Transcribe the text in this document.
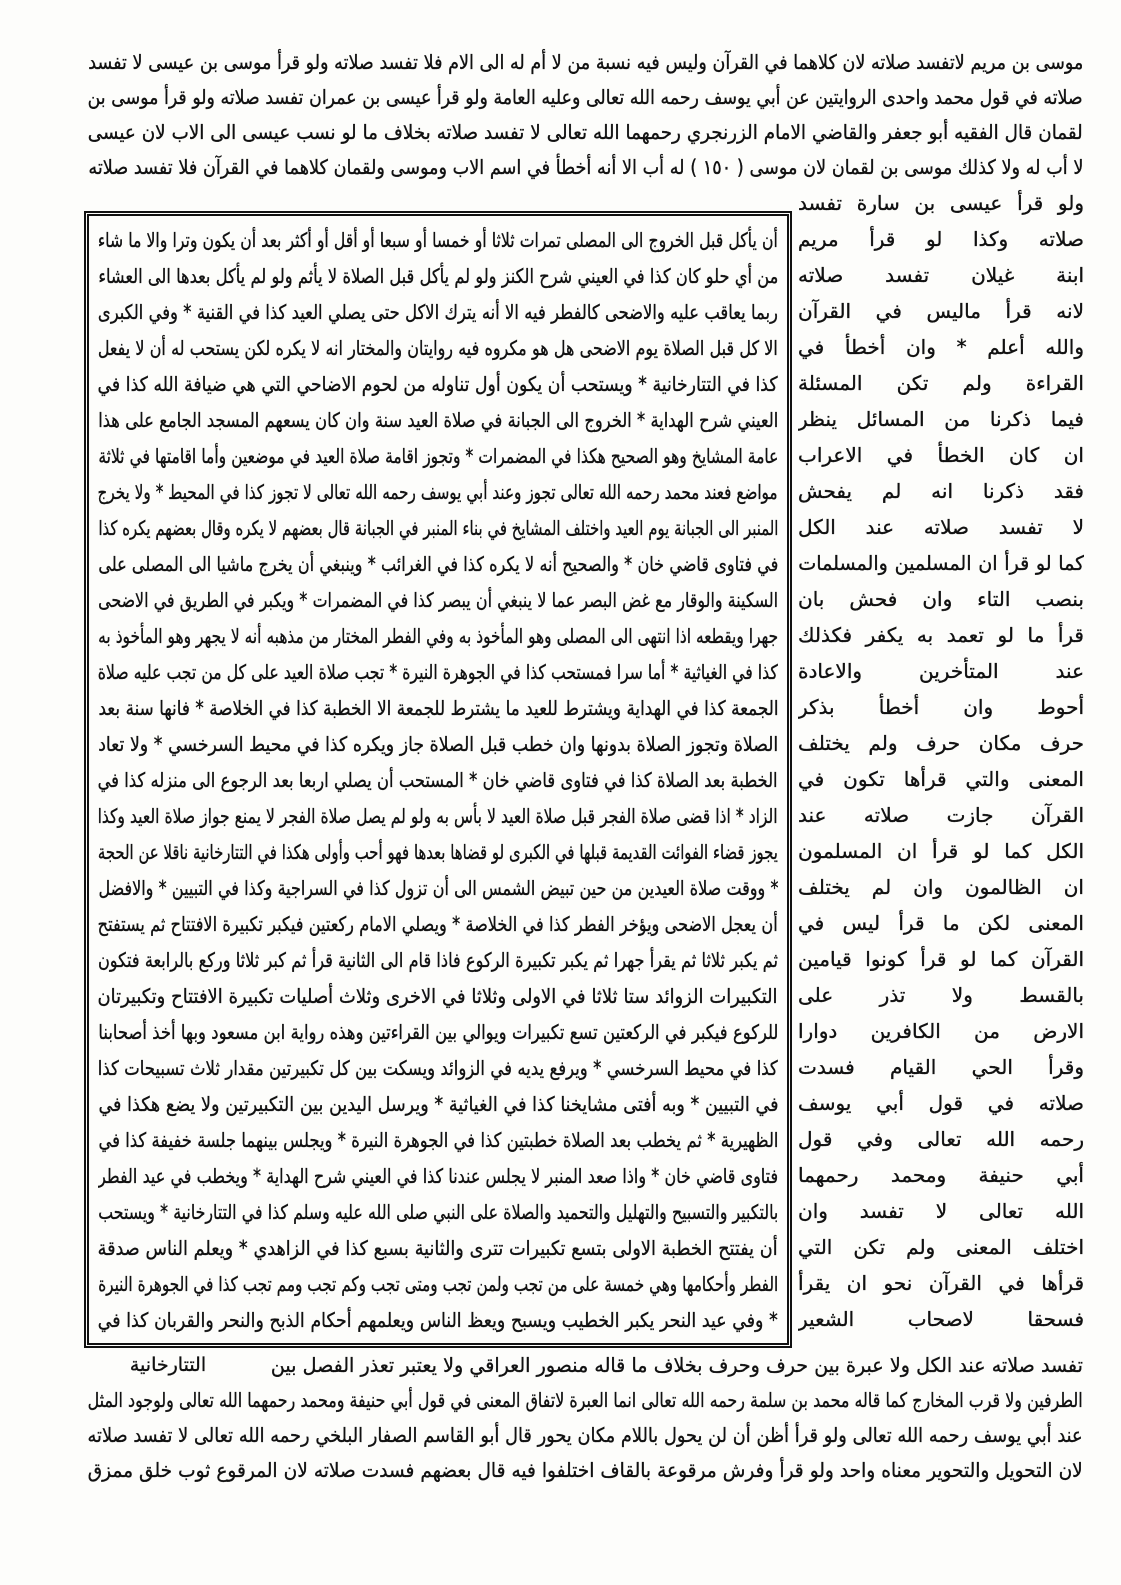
موسى بن مريم لاتفسد صلاته لان كلاهما في القرآن وليس فيه نسبة من لا أم له الى الام فلا تفسد صلاته ولو قرأ موسى بن عيسى لا تفسد
صلاته في قول محمد واحدى الروايتين عن أبي يوسف رحمه الله تعالى وعليه العامة ولو قرأ عيسى بن عمران تفسد صلاته ولو قرأ موسى بن
لقمان قال الفقيه أبو جعفر والقاضي الامام الزرنجري رحمهما الله تعالى لا تفسد صلاته بخلاف ما لو نسب عيسى الى الاب لان عيسى
لا أب له ولا كذلك موسى بن لقمان لان موسى ( ١٥٠ ) له أب الا أنه أخطأ في اسم الاب وموسى ولقمان كلاهما في القرآن فلا تفسد صلاته
أن يأكل قبل الخروج الى المصلى تمرات ثلاثا أو خمسا أو سبعا أو أقل أو أكثر بعد أن يكون وترا والا ما شاء
من أي حلو كان كذا في العيني شرح الكنز ولو لم يأكل قبل الصلاة لا يأثم ولو لم يأكل بعدها الى العشاء
ربما يعاقب عليه والاضحى كالفطر فيه الا أنه يترك الاكل حتى يصلي العيد كذا في القنية * وفي الكبرى
الا كل قبل الصلاة يوم الاضحى هل هو مكروه فيه روايتان والمختار انه لا يكره لكن يستحب له أن لا يفعل
كذا في التتارخانية * ويستحب أن يكون أول تناوله من لحوم الاضاحي التي هي ضيافة الله كذا في
العيني شرح الهداية * الخروج الى الجبانة في صلاة العيد سنة وان كان يسعهم المسجد الجامع على هذا
عامة المشايخ وهو الصحيح هكذا في المضمرات * وتجوز اقامة صلاة العيد في موضعين وأما اقامتها في ثلاثة
مواضع فعند محمد رحمه الله تعالى تجوز وعند أبي يوسف رحمه الله تعالى لا تجوز كذا في المحيط * ولا يخرج
المنبر الى الجبانة يوم العيد واختلف المشايخ في بناء المنبر في الجبانة قال بعضهم لا يكره وقال بعضهم يكره كذا
في فتاوى قاضي خان * والصحيح أنه لا يكره كذا في الغرائب * وينبغي أن يخرج ماشيا الى المصلى على
السكينة والوقار مع غض البصر عما لا ينبغي أن يبصر كذا في المضمرات * ويكبر في الطريق في الاضحى
جهرا ويقطعه اذا انتهى الى المصلى وهو المأخوذ به وفي الفطر المختار من مذهبه أنه لا يجهر وهو المأخوذ به
كذا في الغياثية * أما سرا فمستحب كذا في الجوهرة النيرة * تجب صلاة العيد على كل من تجب عليه صلاة
الجمعة كذا في الهداية ويشترط للعيد ما يشترط للجمعة الا الخطبة كذا في الخلاصة * فانها سنة بعد
الصلاة وتجوز الصلاة بدونها وان خطب قبل الصلاة جاز ويكره كذا في محيط السرخسي * ولا تعاد
الخطبة بعد الصلاة كذا في فتاوى قاضي خان * المستحب أن يصلي اربعا بعد الرجوع الى منزله كذا في
الزاد * اذا قضى صلاة الفجر قبل صلاة العيد لا بأس به ولو لم يصل صلاة الفجر لا يمنع جواز صلاة العيد وكذا
يجوز قضاء الفوائت القديمة قبلها في الكبرى لو قضاها بعدها فهو أحب وأولى هكذا في التتارخانية ناقلا عن الحجة
* ووقت صلاة العيدين من حين تبيض الشمس الى أن تزول كذا في السراجية وكذا في التبيين * والافضل
أن يعجل الاضحى ويؤخر الفطر كذا في الخلاصة * ويصلي الامام ركعتين فيكبر تكبيرة الافتتاح ثم يستفتح
ثم يكبر ثلاثا ثم يقرأ جهرا ثم يكبر تكبيرة الركوع فاذا قام الى الثانية قرأ ثم كبر ثلاثا وركع بالرابعة فتكون
التكبيرات الزوائد ستا ثلاثا في الاولى وثلاثا في الاخرى وثلاث أصليات تكبيرة الافتتاح وتكبيرتان
للركوع فيكبر في الركعتين تسع تكبيرات ويوالي بين القراءتين وهذه رواية ابن مسعود وبها أخذ أصحابنا
كذا في محيط السرخسي * ويرفع يديه في الزوائد ويسكت بين كل تكبيرتين مقدار ثلاث تسبيحات كذا
في التبيين * وبه أفتى مشايخنا كذا في الغياثية * ويرسل اليدين بين التكبيرتين ولا يضع هكذا في
الظهيرية * ثم يخطب بعد الصلاة خطبتين كذا في الجوهرة النيرة * ويجلس بينهما جلسة خفيفة كذا في
فتاوى قاضي خان * واذا صعد المنبر لا يجلس عندنا كذا في العيني شرح الهداية * ويخطب في عيد الفطر
بالتكبير والتسبيح والتهليل والتحميد والصلاة على النبي صلى الله عليه وسلم كذا في التتارخانية * ويستحب
أن يفتتح الخطبة الاولى بتسع تكبيرات تترى والثانية بسبع كذا في الزاهدي * ويعلم الناس صدقة
الفطر وأحكامها وهي خمسة على من تجب ولمن تجب ومتى تجب وكم تجب ومم تجب كذا في الجوهرة النيرة
* وفي عيد النحر يكبر الخطيب ويسبح ويعظ الناس ويعلمهم أحكام الذبح والنحر والقربان كذا في
ولو قرأ عيسى بن سارة تفسد
صلاته وكذا لو قرأ مريم
ابنة غيلان تفسد صلاته
لانه قرأ ماليس في القرآن
والله أعلم * وان أخطأ في
القراءة ولم تكن المسئلة
فيما ذكرنا من المسائل ينظر
ان كان الخطأ في الاعراب
فقد ذكرنا انه لم يفحش
لا تفسد صلاته عند الكل
كما لو قرأ ان المسلمين والمسلمات
بنصب التاء وان فحش بان
قرأ ما لو تعمد به يكفر فكذلك
عند المتأخرين والاعادة
أحوط وان أخطأ بذكر
حرف مكان حرف ولم يختلف
المعنى والتي قرأها تكون في
القرآن جازت صلاته عند
الكل كما لو قرأ ان المسلمون
ان الظالمون وان لم يختلف
المعنى لكن ما قرأ ليس في
القرآن كما لو قرأ كونوا قيامين
بالقسط ولا تذر على
الارض من الكافرين دوارا
وقرأ الحي القيام فسدت
صلاته في قول أبي يوسف
رحمه الله تعالى وفي قول
أبي حنيفة ومحمد رحمهما
الله تعالى لا تفسد وان
اختلف المعنى ولم تكن التي
قرأها في القرآن نحو ان يقرأ
فسحقا لاصحاب الشعير
تفسد صلاته عند الكل ولا عبرة بين حرف وحرف بخلاف ما قاله منصور العراقي ولا يعتبر تعذر الفصل بين
التتارخانية
الطرفين ولا قرب المخارج كما قاله محمد بن سلمة رحمه الله تعالى انما العبرة لاتفاق المعنى في قول أبي حنيفة ومحمد رحمهما الله تعالى ولوجود المثل
عند أبي يوسف رحمه الله تعالى ولو قرأ أظن أن لن يحول باللام مكان يحور قال أبو القاسم الصفار البلخي رحمه الله تعالى لا تفسد صلاته
لان التحويل والتحوير معناه واحد ولو قرأ وفرش مرقوعة بالقاف اختلفوا فيه قال بعضهم فسدت صلاته لان المرقوع ثوب خلق ممزق
